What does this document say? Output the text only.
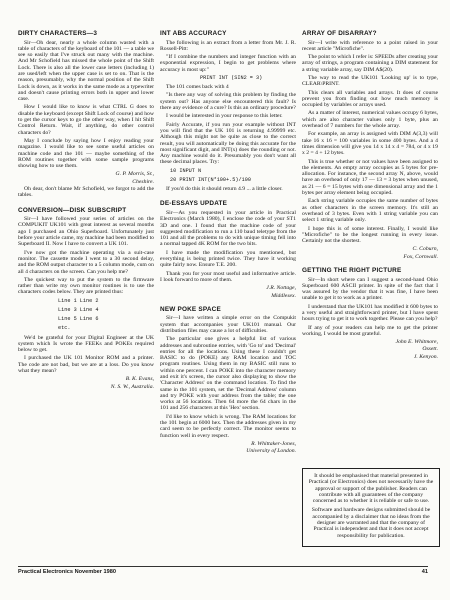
DIRTY CHARACTERS—3
Sir—Oh dear, nearly a whole column wasted with a table of characters of the keyboard of the 101 — a table we see so easily that I've struck out many with the machine. And Mr Schofield has missed the whole point of the Shift Lock. There is also all the lower case letters (including 1) are used/left when the upper case is set to on. That is the reason, presumably, why the normal position of the Shift Lock is down, as it works in the same mode as a typewriter and doesn't cause printing errors both in upper and lower case.
How I would like to know is what CTRL G does to disable the keyboard (except Shift Lock of course) and how to get the cursor keys to go the other way, when I hit Shift Control Return. Wait, if anything, do other control characters do?
May I conclude by saying how I enjoy reading your magazine. I would like to see some useful articles on machine code and the 101 — maybe something of the ROM routines together with some sample programs showing how to use them.
G. P. Morris, Sr.,
Cheshire.
Oh dear, don't blame Mr Schofield, we forgot to add the tables.
CONVERSION—DISK SUBSCRIPT
Sir—I have followed your series of articles on the COMPUKIT UK101 with great interest as several months ago I purchased an Ohio Superboard. Unfortunately just before your article came, my machine had been modified to Superboard II. Now I have to convert a UK 101.
I've now got the machine operating via a suit-case monitor. The cassette mode I went to a 30 second delay, and the ROM output character to a 5 column mode, cum on all 4 characters on the screen. Can you help me?
The quickest way to put the system to the firmware rather than write my own monitor routines is to use the characters codes below. They are printed thus:
Line 1 Line 2
Line 3 Line 4
Line 5 Line 6
etc.
We'd be grateful for your Digital Engineer at the UK system which Is wrote the FEEKs and POKEs required below to get.
I purchased the UK 101 Monitor ROM and a printer. The code are not bad, but we are at a loss. Do you know what they mean?
B. K. Evans,
N. S. W., Australia.
INT ABS ACCURACY
The following is an extract from a letter from Mr. J. R. Rossell-Pitt:
"If I combine the numbers and integer function with an exponential expression, I begin to get problems where accuracy is most up:"
PRINT INT (SIN2 = 3)
The 101 comes back with 4
"Is there any way of solving this problem by finding the system out? Has anyone else encountered this fault? Is there any evidence of a cure? Is this an ordinary procedure?
I would be interested in your response to this letter.
Fairly Accurate, if you run your example without INT you will find that the UK 101 is returning 4.99999 etc. Although this might not be quite as close to the correct result, you will automatically be doing this accurate for the most significant digit, and INT(x) does the rounding or not. Any machine would do it. Presumably you don't want all these decimal places. Try:
10 INPUT N
20 PRINT INT(N*100+.5)/100
If you'd do this it should return 4.9 ... a little closer.
DE-ESSAYS UPDATE
Sir—As you requested in your article in Practical Electronics (March 1980), I enclose the code of your ST1 3D and one. I found that the machine code of your suggested modification to run a 110 baud teletype from the 101 and all the problems to do with unique timing fell into a normal tapped 4K ROM for the two bits.
I have made the modification you mentioned, but everything is being printed twice. They have it working quite fairly now. Ensure T.E. 200.
Thank you for your most useful and informative article. I look forward to more of them.
J.R. Nottage,
Middlesex.
NEW POKE SPACE
Sir—I have written a simple error on the Compukit system that accompanies your UK101 manual. Our distribution files may cause a lot of difficulties.
The particular one gives a helpful list of various addresses and subroutine entries, with 'Go to' and 'Decimal' entries for all the locations. Using these I couldn't get BASIC to do (POKE) any RAM location and TOC program routines. Using them in my BASIC still runs to within one percent. I can POKE into the character memory and exit it's screen, the cursor also displaying to show the 'Character Address' on the command location. To find the same in the 101 system, set the 'Decimal Address' column and try POKE with your address from the table; the one works at 56 locations. Then 64 more the 64 chars in the 101 and 256 characters at this 'Hex' section.
I'd like to know which is wrong. The RAM locations for the 101 begin at 6000 hex. Then the addresses given in my card seem to be perfectly correct. The monitor seems to function well in every respect.
R. Whittaker-Jones,
University of London.
ARRAY OF DISARRAY?
Sir—I write with reference to a point raised in your recent article "Microfiche".
The point to which I refer is: SPEEDs after creating your array of strings, a program containing a DIM statement for a string variable array, say DIM A$(20).
The way to read the UK101 'Looking up' is to type, CLEAR\PRINT.
This clears all variables and arrays. It does of course prevent you from finding out how much memory is occupied by variables or arrays used.
As a matter of interest, numerical values occupy 6 bytes, which are also character values only 1 byte, plus an overhead of 7 numbers for the whole array.
For example, an array is assigned with DIM A(3,3) will take 16 x 16 = 100 variables in some 400 bytes. And a 4 times dimension will give you 14 x 14 x 4 = 784, or 4 x 19 x 2 = 4 + 12 bytes.
This is true whether or not values have been assigned to the elements. An empty array occupies as 5 bytes for pre-allocation. For instance, the second array N, above, would have an overhead of only 17 — 13 = 3 bytes when unused, as 21 — 6 = 15 bytes with one dimensional array and the 1 bytes per array element being occupied.
Each string variable occupies the same number of bytes as other characters in the screen memory. It's still an overhead of 3 bytes. Even with 1 string variable you can select 1 string variable only.
I hope this is of some interest. Finally, I would like "Microfiche" to be the longest running in every issue. Certainly not the shortest.
C. Coburn,
Fox, Cornwall.
GETTING THE RIGHT PICTURE
Sir—In short where can I suggest a second-hand Ohio Superboard 600 ASCII printer. In spite of the fact that I was assured by the vendor that it was fine, I have been unable to get it to work as a printer.
I understand that the UK101 has modified it 600 bytes to a very useful and straightforward printer, but I have spent hours trying to get it to work together. Please can you help?
If any of your readers can help me to get the printer working, I would be most grateful.
John E. Whitmore,
Ossett.
J. Kenyon.
It should be emphasised that material presented in Practical (or Electronics) does not necessarily have the approval or support of the publisher. Readers can contribute with all guarantees of the company concerned as to whether it is reliable or safe to use.
Software and hardware designs submitted should be accompanied by a disclaimer that no ideas from the designer are warranted and that the company of Practical is independent and that it does not accept responsibility for publication.
Practical Electronics November 1980	41
